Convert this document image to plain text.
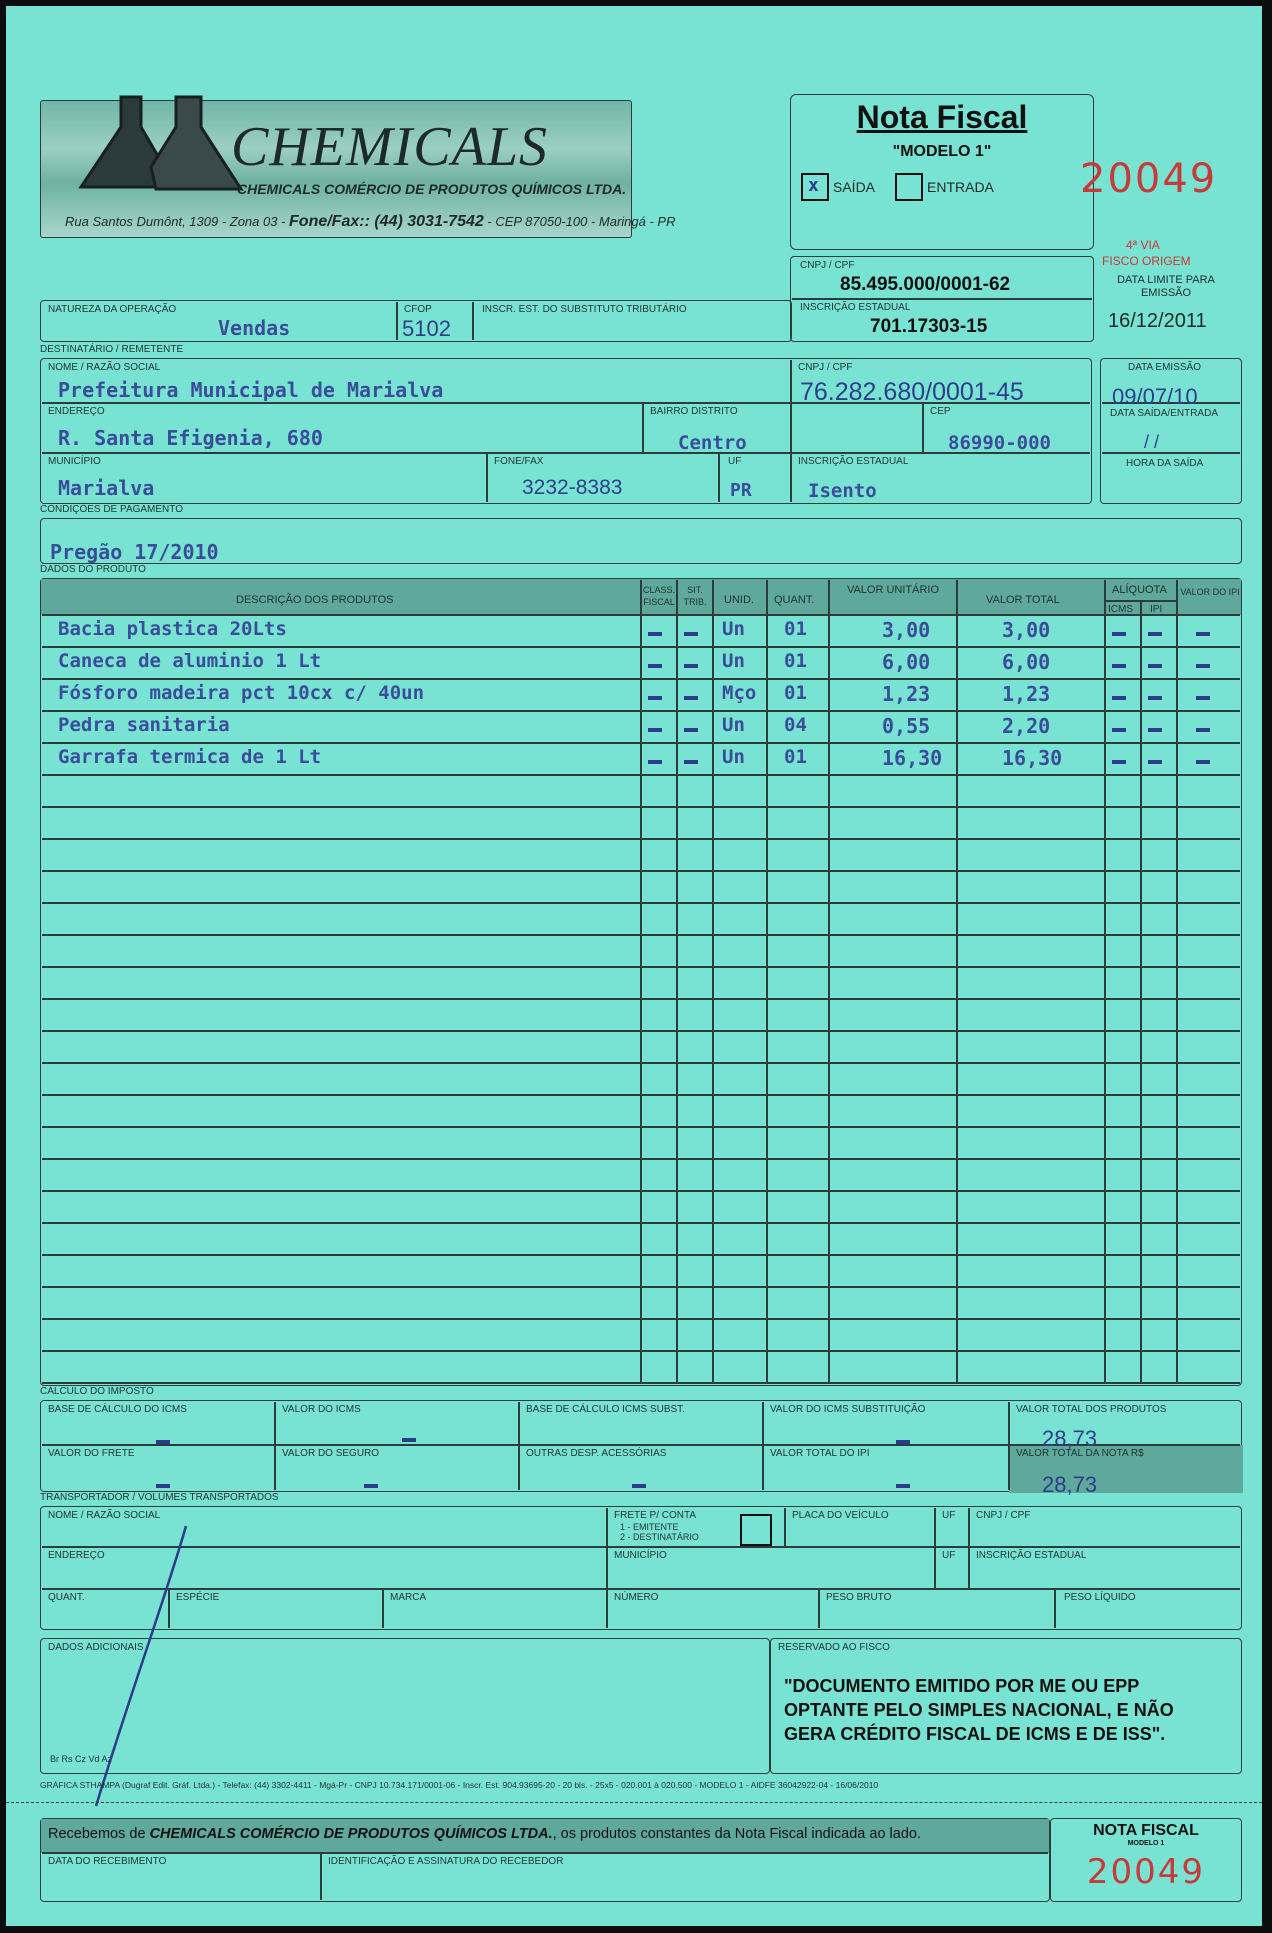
CHEMICALS
CHEMICALS COMÉRCIO DE PRODUTOS QUÍMICOS LTDA.
Rua Santos Dumônt, 1309 - Zona 03 - Fone/Fax:: (44) 3031-7542 - CEP 87050-100 - Maringá - PR
Nota Fiscal
"MODELO 1"
x SAÍDA	ENTRADA 20049
4ª VIA
FISCO ORIGEM
DATA LIMITE PARA EMISSÃO
16/12/2011
CNPJ / CPF
85.495.000/0001-62
INSCRIÇÃO ESTADUAL
701.17303-15
NATUREZA DA OPERAÇÃO
Vendas
CFOP
5102
INSCR. EST. DO SUBSTITUTO TRIBUTÁRIO
DESTINATÁRIO / REMETENTE
NOME / RAZÃO SOCIAL
Prefeitura Municipal de Marialva
CNPJ / CPF
76.282.680/0001-45
ENDEREÇO
R. Santa Efigenia, 680
BAIRRO DISTRITO
Centro
CEP
86990-000
MUNICÍPIO
Marialva
FONE/FAX
3232-8383
UF
PR
INSCRIÇÃO ESTADUAL
Isento
DATA EMISSÃO
09/07/10
DATA SAÍDA/ENTRADA
/ /
HORA DA SAÍDA
CONDIÇÕES DE PAGAMENTO
Pregão 17/2010
DADOS DO PRODUTO
DESCRIÇÃO DOS PRODUTOS
CLASS. FISCAL
SIT. TRIB.	UNID. QUANT.
VALOR UNITÁRIO
VALOR TOTAL
ALÍQUOTA
ICMS IPI
VALOR DO IPI
CÁLCULO DO IMPOSTO
BASE DE CÁLCULO DO ICMS	VALOR DO ICMS	BASE DE CÁLCULO ICMS SUBST.	VALOR DO ICMS SUBSTITUIÇÃO	VALOR TOTAL DOS PRODUTOS
28,73
VALOR DO FRETE	VALOR DO SEGURO	OUTRAS DESP. ACESSÓRIAS	VALOR TOTAL DO IPI	VALOR TOTAL DA NOTA R$
28,73
TRANSPORTADOR / VOLUMES TRANSPORTADOS
NOME / RAZÃO SOCIAL	FRETE P/ CONTA
1 - EMITENTE
2 - DESTINATÁRIO
PLACA DO VEÍCULO	UF CNPJ / CPF
ENDEREÇO	MUNICÍPIO	UF INSCRIÇÃO ESTADUAL
QUANT.	ESPÉCIE	MARCA	NÚMERO	PESO BRUTO	PESO LÍQUIDO
DADOS ADICIONAIS
Br Rs Cz Vd Az
RESERVADO AO FISCO
"DOCUMENTO EMITIDO POR ME OU EPP
OPTANTE PELO SIMPLES NACIONAL, E NÃO
GERA CRÉDITO FISCAL DE ICMS E DE ISS".
GRÁFICA STHAMPA (Dugraf Edit. Gráf. Ltda.) - Telefax: (44) 3302-4411 - Mgá-Pr - CNPJ 10.734.171/0001-06 - Inscr. Est. 904.93695-20 - 20 bls. - 25x5 - 020.001 à 020.500 - MODELO 1 - AIDFE 36042922-04 - 16/06/2010
Recebemos de CHEMICALS COMÉRCIO DE PRODUTOS QUÍMICOS LTDA., os produtos constantes da Nota Fiscal indicada ao lado.
DATA DO RECEBIMENTO	IDENTIFICAÇÃO E ASSINATURA DO RECEBEDOR
NOTA FISCAL
MODELO 1
20049
Bacia plastica 20Lts	Un 01	3,00	3,00
Caneca de aluminio 1 Lt	Un 01	6,00	6,00
Fósforo madeira pct 10cx c/ 40un	Mço 01	1,23	1,23
Pedra sanitaria	Un 04	0,55	2,20
Garrafa termica de 1 Lt	Un 01	16,30	16,30
